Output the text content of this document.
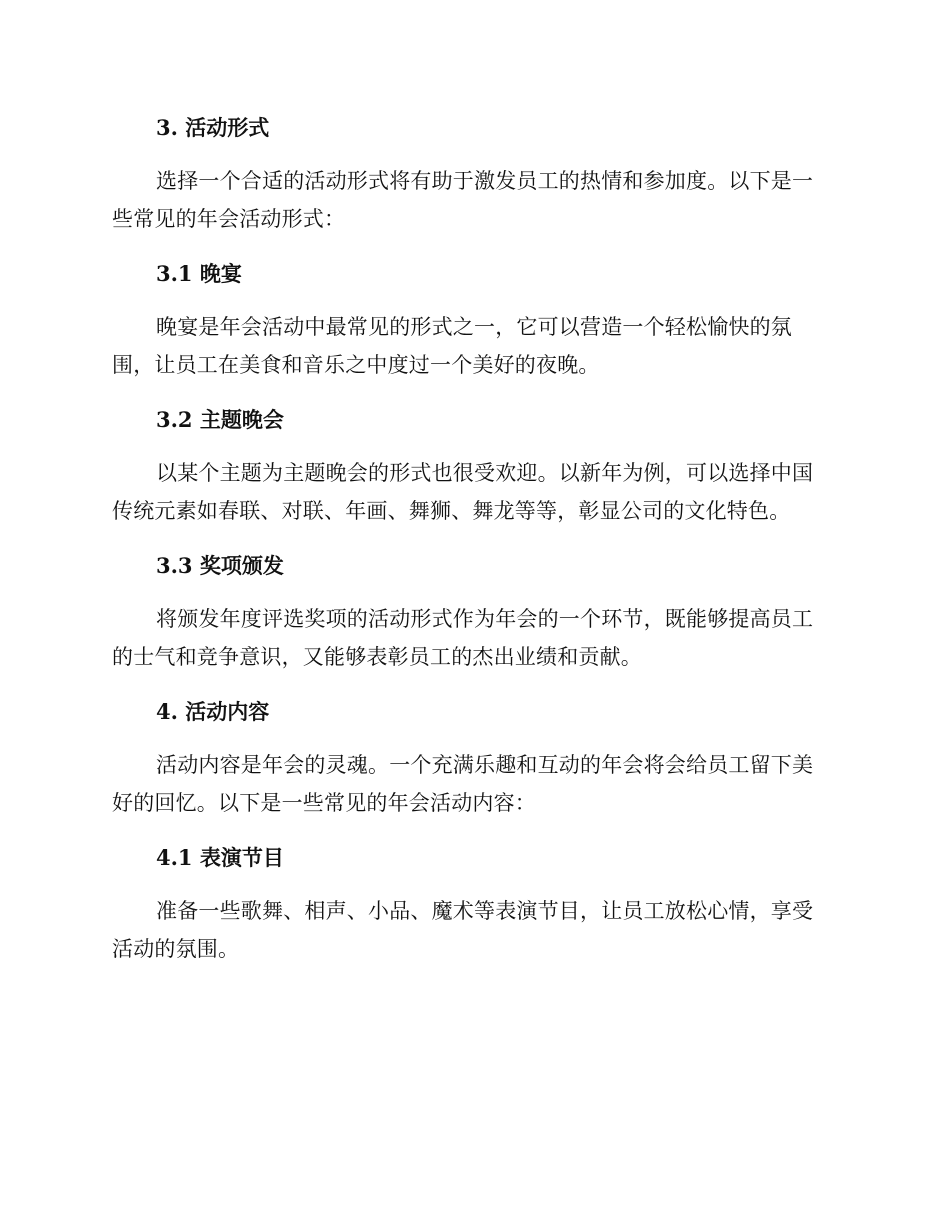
3. 活动形式

选择一个合适的活动形式将有助于激发员工的热情和参加度。以下是一些常见的年会活动形式：

3.1 晚宴

晚宴是年会活动中最常见的形式之一，它可以营造一个轻松愉快的氛围，让员工在美食和音乐之中度过一个美好的夜晚。

3.2 主题晚会

以某个主题为主题晚会的形式也很受欢迎。以新年为例，可以选择中国传统元素如春联、对联、年画、舞狮、舞龙等等，彰显公司的文化特色。

3.3 奖项颁发

将颁发年度评选奖项的活动形式作为年会的一个环节，既能够提高员工的士气和竞争意识，又能够表彰员工的杰出业绩和贡献。

4. 活动内容

活动内容是年会的灵魂。一个充满乐趣和互动的年会将会给员工留下美好的回忆。以下是一些常见的年会活动内容：

4.1 表演节目

准备一些歌舞、相声、小品、魔术等表演节目，让员工放松心情，享受活动的氛围。
